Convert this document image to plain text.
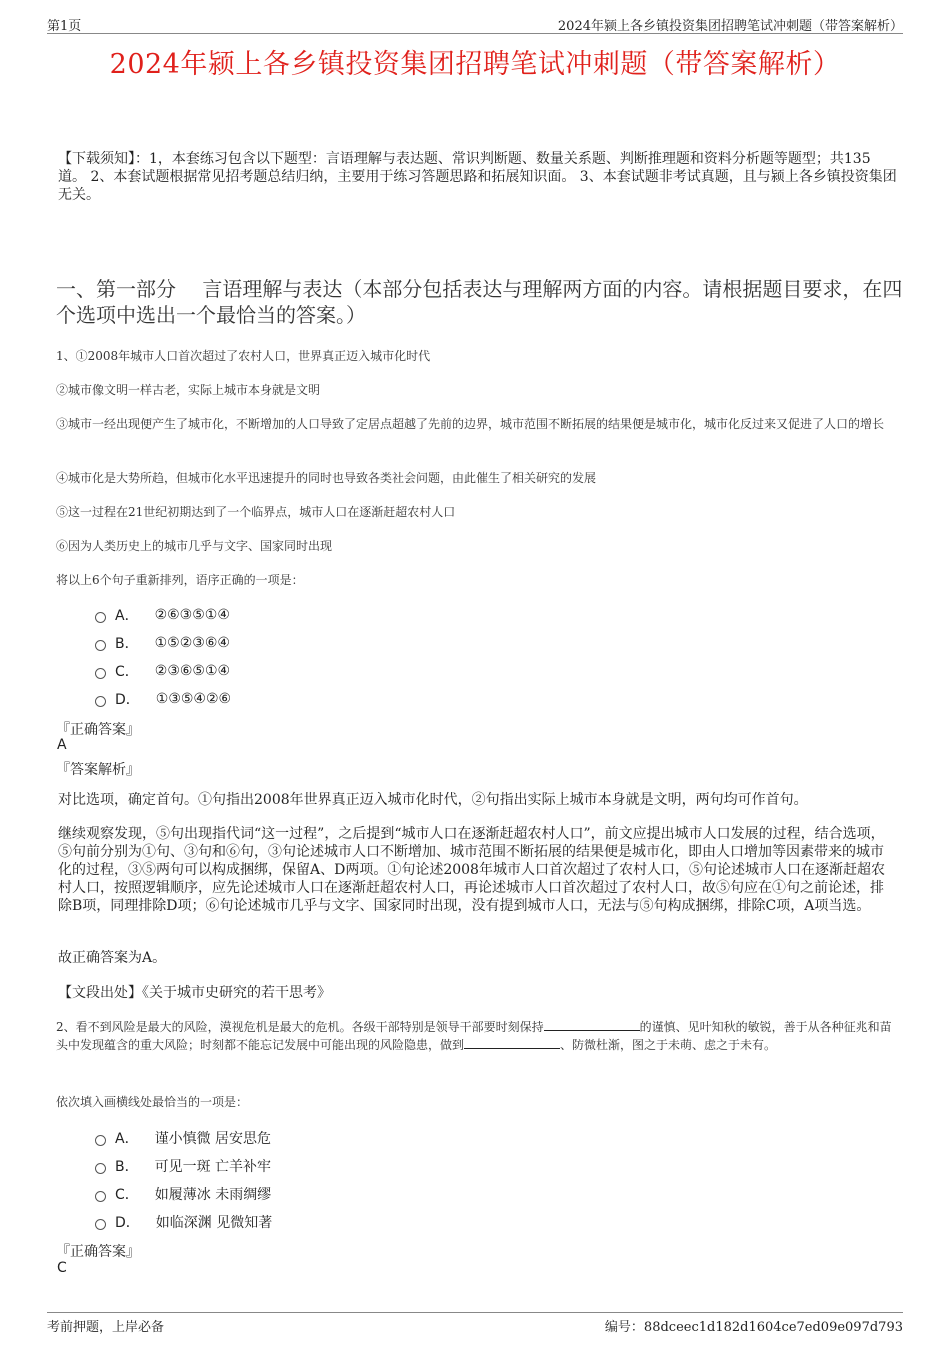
第1页	2024年颍上各乡镇投资集团招聘笔试冲刺题（带答案解析）
2024年颍上各乡镇投资集团招聘笔试冲刺题（带答案解析）
【下载须知】：1，本套练习包含以下题型：言语理解与表达题、常识判断题、数量关系题、判断推理题和资料分析题等题型；共135道。 2、本套试题根据常见招考题总结归纳，主要用于练习答题思路和拓展知识面。 3、本套试题非考试真题，且与颍上各乡镇投资集团无关。
一、第一部分　 言语理解与表达（本部分包括表达与理解两方面的内容。请根据题目要求，在四个选项中选出一个最恰当的答案。）
1、①2008年城市人口首次超过了农村人口，世界真正迈入城市化时代
②城市像文明一样古老，实际上城市本身就是文明
③城市一经出现便产生了城市化，不断增加的人口导致了定居点超越了先前的边界，城市范围不断拓展的结果便是城市化，城市化反过来又促进了人口的增长
④城市化是大势所趋，但城市化水平迅速提升的同时也导致各类社会问题，由此催生了相关研究的发展
⑤这一过程在21世纪初期达到了一个临界点，城市人口在逐渐赶超农村人口
⑥因为人类历史上的城市几乎与文字、国家同时出现
将以上6个句子重新排列，语序正确的一项是：
A． ②⑥③⑤①④
B． ①⑤②③⑥④
C． ②③⑥⑤①④
D． ①③⑤④②⑥
『正确答案』
A
『答案解析』
对比选项，确定首句。①句指出2008年世界真正迈入城市化时代，②句指出实际上城市本身就是文明，两句均可作首句。
继续观察发现，⑤句出现指代词“这一过程”，之后提到“城市人口在逐渐赶超农村人口”，前文应提出城市人口发展的过程，结合选项，⑤句前分别为①句、③句和⑥句，③句论述城市人口不断增加、城市范围不断拓展的结果便是城市化，即由人口增加等因素带来的城市化的过程，③⑤两句可以构成捆绑，保留A、D两项。①句论述2008年城市人口首次超过了农村人口，⑤句论述城市人口在逐渐赶超农村人口，按照逻辑顺序，应先论述城市人口在逐渐赶超农村人口，再论述城市人口首次超过了农村人口，故⑤句应在①句之前论述，排除B项，同理排除D项；⑥句论述城市几乎与文字、国家同时出现，没有提到城市人口，无法与⑤句构成捆绑，排除C项，A项当选。
故正确答案为A。
【文段出处】《关于城市史研究的若干思考》
2、看不到风险是最大的风险，漠视危机是最大的危机。各级干部特别是领导干部要时刻保持	的谨慎、见叶知秋的敏锐，善于从各种征兆和苗头中发现蕴含的重大风险；时刻都不能忘记发展中可能出现的风险隐患，做到	、防微杜渐，图之于未萌、虑之于未有。
依次填入画横线处最恰当的一项是：
A． 谨小慎微 居安思危
B． 可见一斑 亡羊补牢
C． 如履薄冰 未雨绸缪
D． 如临深渊 见微知著
『正确答案』
C
考前押题，上岸必备	编号：88dceec1d182d1604ce7ed09e097d793
